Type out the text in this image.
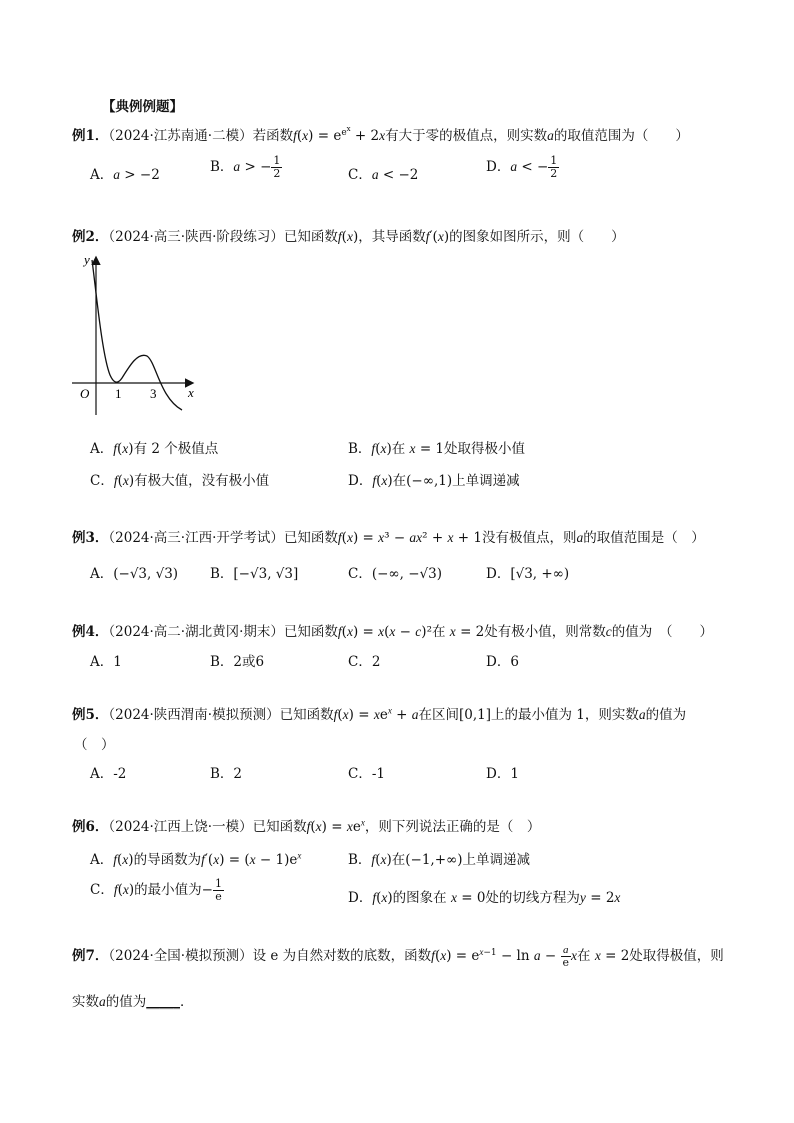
【典例例题】
例1．（2024·江苏南通·二模）若函数$f(x) = e^{e^x} + 2x$有大于零的极值点，则实数a的取值范围为（　　）
A．a > −2	B．a > − $\frac{1}{2}$	C．a < −2	D．a < − $\frac{1}{2}$
例2．（2024·高三·陕西·阶段练习）已知函数f(x)，其导函数f′(x)的图象如图所示，则（　　）
y
x
O 1 3
A．f(x)有 2 个极值点	B．f(x)在 x = 1处取得极小值
C．f(x)有极大值，没有极小值	D．f(x)在(−∞,1)上单调递减
例3．（2024·高三·江西·开学考试）已知函数f(x) = x³ − ax² + x + 1没有极值点，则a的取值范围是（　）
A．(−√3, √3) B．[−√3, √3]	C．(−∞, −√3)	D．[√3, +∞)
例4．（2024·高二·湖北黄冈·期末）已知函数f(x) = x(x − c)²在 x = 2处有极小值，则常数c的值为　（　　）
A．1	B．2或6	C．2	D．6
例5．（2024·陕西渭南·模拟预测）已知函数$f(x) = xe^x + a$在区间[0,1]上的最小值为 1，则实数a的值为
（　）
A．-2	B．2	C．-1	D．1
例6．（2024·江西上饶·一模）已知函数$f(x) = xe^x$，则下列说法正确的是（　）
A．f(x)的导函数为$f'(x) = (x - 1)e^x$	B．f(x)在(−1,+∞)上单调递减
C．f(x)的最小值为− $\frac{1}{e}$	D．f(x)的图象在 x = 0处的切线方程为y = 2x
例7．（2024·全国·模拟预测）设 e 为自然对数的底数，函数$f(x) = e^{x-1} - \ln a - \frac{a}{e}$ x在 x = 2处取得极值，则
实数a的值为_____．
